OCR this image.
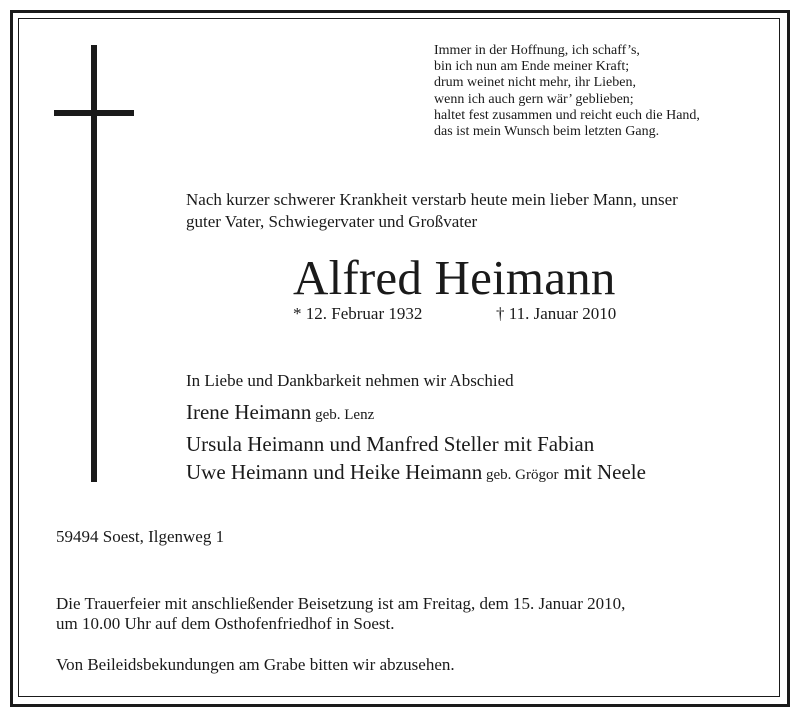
Immer in der Hoffnung, ich schaff’s,
bin ich nun am Ende meiner Kraft;
drum weinet nicht mehr, ihr Lieben,
wenn ich auch gern wär’ geblieben;
haltet fest zusammen und reicht euch die Hand,
das ist mein Wunsch beim letzten Gang.
Nach kurzer schwerer Krankheit verstarb heute mein lieber Mann, unser
guter Vater, Schwiegervater und Großvater
Alfred Heimann
* 12. Februar 1932	† 11. Januar 2010
In Liebe und Dankbarkeit nehmen wir Abschied
Irene Heimann geb. Lenz
Ursula Heimann und Manfred Steller mit Fabian
Uwe Heimann und Heike Heimann geb. Grögor mit Neele
59494 Soest, Ilgenweg 1
Die Trauerfeier mit anschließender Beisetzung ist am Freitag, dem 15. Januar 2010,
um 10.00 Uhr auf dem Osthofenfriedhof in Soest.
Von Beileidsbekundungen am Grabe bitten wir abzusehen.
